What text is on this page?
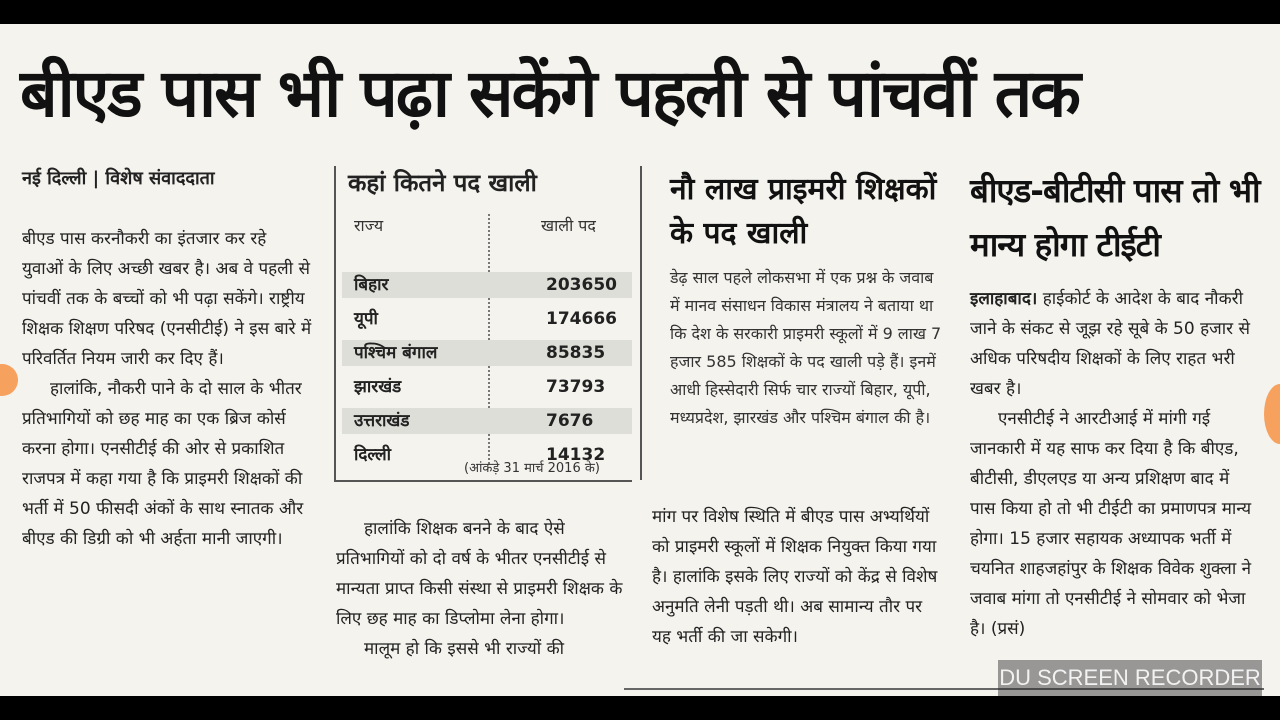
बीएड पास भी पढ़ा सकेंगे पहली से पांचवीं तक
नई दिल्ली | विशेष संवाददाता

बीएड पास करनौकरी का इंतजार कर रहे युवाओं के लिए अच्छी खबर है। अब वे पहली से पांचवीं तक के बच्चों को भी पढ़ा सकेंगे। राष्ट्रीय शिक्षक शिक्षण परिषद (एनसीटीई) ने इस बारे में परिवर्तित नियम जारी कर दिए हैं।

हालांकि, नौकरी पाने के दो साल के भीतर प्रतिभागियों को छह माह का एक ब्रिज कोर्स करना होगा। एनसीटीई की ओर से प्रकाशित राजपत्र में कहा गया है कि प्राइमरी शिक्षकों की भर्ती में 50 फीसदी अंकों के साथ स्नातक और बीएड की डिग्री को भी अर्हता मानी जाएगी।

कहां कितने पद खाली
राज्य	खाली पद
बिहार	203650
यूपी	174666
पश्चिम बंगाल	85835
झारखंड	73793
उत्तराखंड	7676
दिल्ली	14132
(आंकड़े 31 मार्च 2016 के)
नौ लाख प्राइमरी शिक्षकों के पद खाली
डेढ़ साल पहले लोकसभा में एक प्रश्न के जवाब में मानव संसाधन विकास मंत्रालय ने बताया था कि देश के सरकारी प्राइमरी स्कूलों में 9 लाख 7 हजार 585 शिक्षकों के पद खाली पड़े हैं। इनमें आधी हिस्सेदारी सिर्फ चार राज्यों बिहार, यूपी, मध्यप्रदेश, झारखंड और पश्चिम बंगाल की है।

हालांकि शिक्षक बनने के बाद ऐसे प्रतिभागियों को दो वर्ष के भीतर एनसीटीई से मान्यता प्राप्त किसी संस्था से प्राइमरी शिक्षक के लिए छह माह का डिप्लोमा लेना होगा।

मालूम हो कि इससे भी राज्यों की

मांग पर विशेष स्थिति में बीएड पास अभ्यर्थियों को प्राइमरी स्कूलों में शिक्षक नियुक्त किया गया है। हालांकि इसके लिए राज्यों को केंद्र से विशेष अनुमति लेनी पड़ती थी। अब सामान्य तौर पर यह भर्ती की जा सकेगी।

बीएड-बीटीसी पास तो भी मान्य होगा टीईटी

इलाहाबाद। हाईकोर्ट के आदेश के बाद नौकरी जाने के संकट से जूझ रहे सूबे के 50 हजार से अधिक परिषदीय शिक्षकों के लिए राहत भरी खबर है।

एनसीटीई ने आरटीआई में मांगी गई जानकारी में यह साफ कर दिया है कि बीएड, बीटीसी, डीएलएड या अन्य प्रशिक्षण बाद में पास किया हो तो भी टीईटी का प्रमाणपत्र मान्य होगा। 15 हजार सहायक अध्यापक भर्ती में चयनित शाहजहांपुर के शिक्षक विवेक शुक्ला ने जवाब मांगा तो एनसीटीई ने सोमवार को भेजा है। (प्रसं)

DU SCREEN RECORDER
